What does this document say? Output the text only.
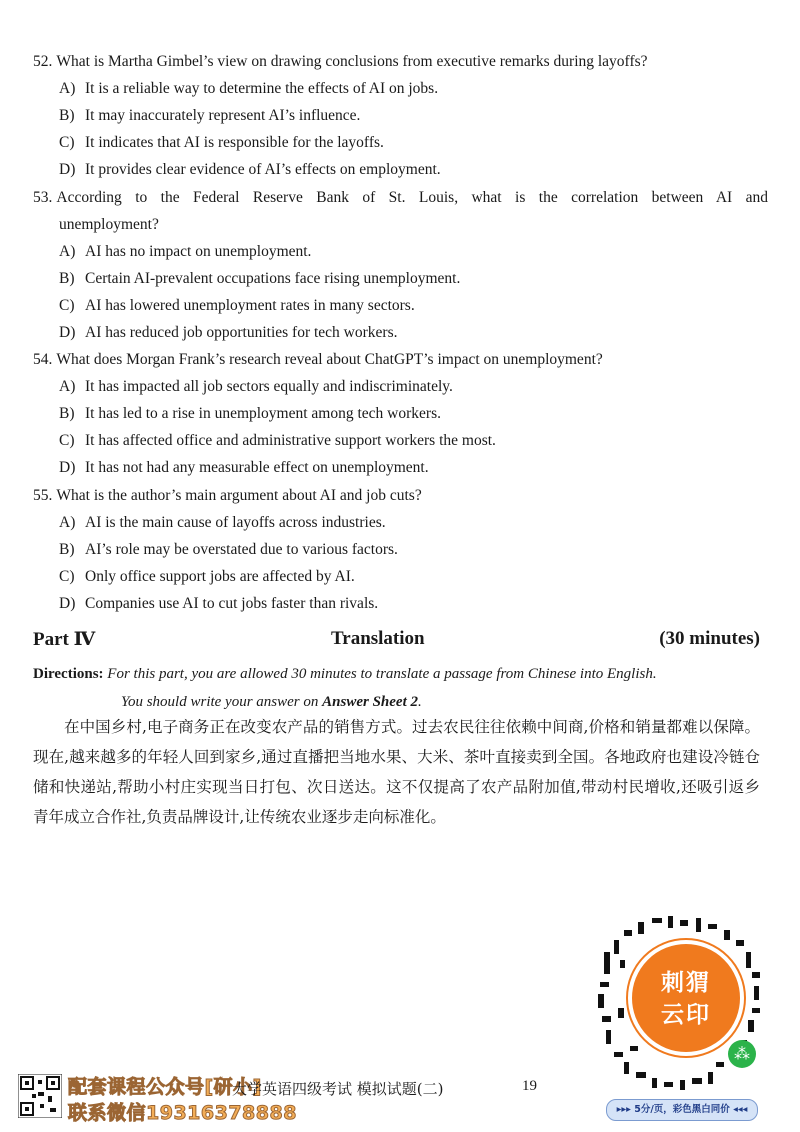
52. What is Martha Gimbel’s view on drawing conclusions from executive remarks during layoffs?

A) It is a reliable way to determine the effects of AI on jobs.

B) It may inaccurately represent AI’s influence.

C) It indicates that AI is responsible for the layoffs.

D) It provides clear evidence of AI’s effects on employment.

53. According to the Federal Reserve Bank of St. Louis, what is the correlation between AI and

unemployment?

A) AI has no impact on unemployment.

B) Certain AI-prevalent occupations face rising unemployment.

C) AI has lowered unemployment rates in many sectors.

D) AI has reduced job opportunities for tech workers.

54. What does Morgan Frank’s research reveal about ChatGPT’s impact on unemployment?

A) It has impacted all job sectors equally and indiscriminately.

B) It has led to a rise in unemployment among tech workers.

C) It has affected office and administrative support workers the most.

D) It has not had any measurable effect on unemployment.

55. What is the author’s main argument about AI and job cuts?

A) AI is the main cause of layoffs across industries.

B) AI’s role may be overstated due to various factors.

C) Only office support jobs are affected by AI.

D) Companies use AI to cut jobs faster than rivals.

Part Ⅳ	Translation	(30 minutes)
Directions: For this part, you are allowed 30 minutes to translate a passage from Chinese into English.
You should write your answer on Answer Sheet 2.

在中国乡村,电子商务正在改变农产品的销售方式。过去农民往往依赖中间商,价格和销量都难以保障。现在,越来越多的年轻人回到家乡,通过直播把当地水果、大米、茶叶直接卖到全国。各地政府也建设冷链仓储和快递站,帮助小村庄实现当日打包、次日送达。这不仅提高了农产品附加值,带动村民增收,还吸引返乡青年成立合作社,负责品牌设计,让传统农业逐步走向标准化。

刺猬
云印
⁂
▸▸▸ 5分/页，彩色黑白同价 ◂◂◂
配套课程公众号[研小]
联系微信19316378888
大学英语四级考试 模拟试题(二)	19
